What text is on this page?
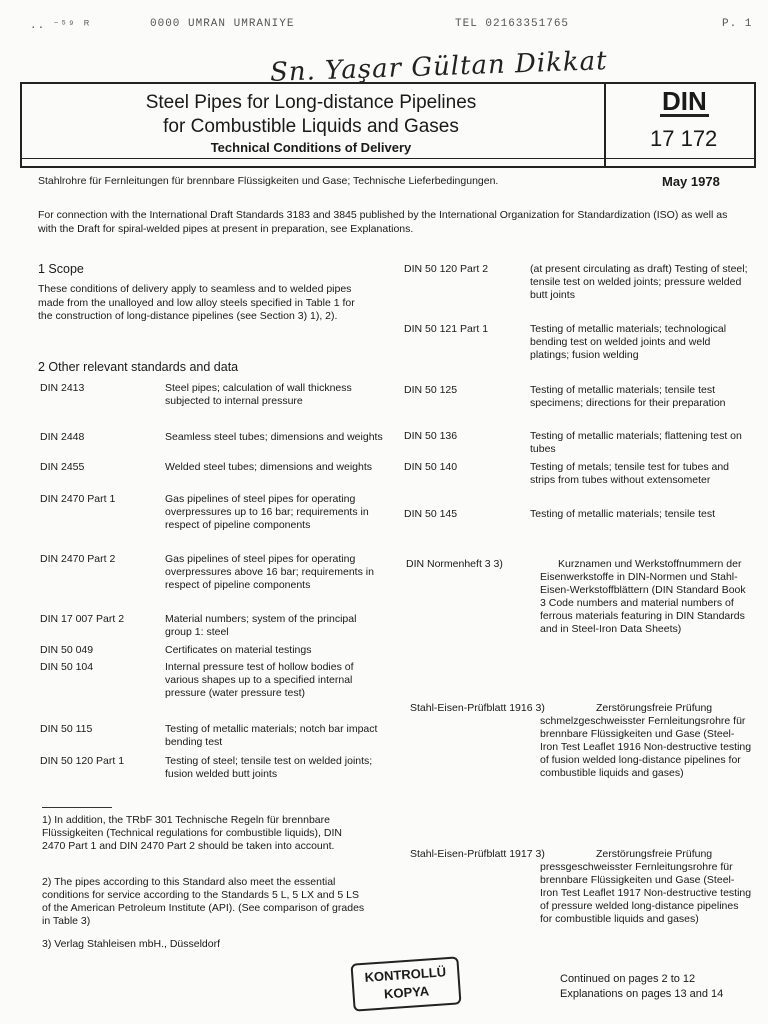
.. ⁻⁵⁹ ᴿ	0000 UMRAN UMRANIYE	TEL 02163351765	P. 1
Sn. Yaşar Gültan Dikkat
Steel Pipes for Long-distance Pipelines
for Combustible Liquids and Gases
Technical Conditions of Delivery
DIN
17 172
Stahlrohre für Fernleitungen für brennbare Flüssigkeiten und Gase; Technische Lieferbedingungen.	May 1978
For connection with the International Draft Standards 3183 and 3845 published by the International Organization for Standardization (ISO) as well as with the Draft for spiral-welded pipes at present in preparation, see Explanations.
1 Scope
These conditions of delivery apply to seamless and to welded pipes made from the unalloyed and low alloy steels specified in Table 1 for the construction of long-distance pipelines (see Section 3) 1), 2).
2 Other relevant standards and data
DIN 2413	Steel pipes; calculation of wall thickness subjected to internal pressure
DIN 2448	Seamless steel tubes; dimensions and weights
DIN 2455	Welded steel tubes; dimensions and weights
DIN 2470 Part 1	Gas pipelines of steel pipes for operating overpressures up to 16 bar; requirements in respect of pipeline components
DIN 2470 Part 2	Gas pipelines of steel pipes for operating overpressures above 16 bar; requirements in respect of pipeline components
DIN 17 007 Part 2	Material numbers; system of the principal group 1: steel
DIN 50 049	Certificates on material testings
DIN 50 104	Internal pressure test of hollow bodies of various shapes up to a specified internal pressure (water pressure test)
DIN 50 115	Testing of metallic materials; notch bar impact bending test
DIN 50 120 Part 1	Testing of steel; tensile test on welded joints; fusion welded butt joints
DIN 50 120 Part 2	(at present circulating as draft) Testing of steel; tensile test on welded joints; pressure welded butt joints
DIN 50 121 Part 1	Testing of metallic materials; technological bending test on welded joints and weld platings; fusion welding
DIN 50 125	Testing of metallic materials; tensile test specimens; directions for their preparation
DIN 50 136	Testing of metallic materials; flattening test on tubes
DIN 50 140	Testing of metals; tensile test for tubes and strips from tubes without extensometer
DIN 50 145	Testing of metallic materials; tensile test
DIN Normenheft 3 3)	Kurznamen und Werkstoffnummern der Eisenwerkstoffe in DIN-Normen und Stahl-Eisen-Werkstoffblättern (DIN Standard Book 3 Code numbers and material numbers of ferrous materials featuring in DIN Standards and in Steel-Iron Data Sheets)
Stahl-Eisen-Prüfblatt 1916 3)	Zerstörungsfreie Prüfung schmelzgeschweisster Fernleitungsrohre für brennbare Flüssigkeiten und Gase (Steel-Iron Test Leaflet 1916 Non-destructive testing of fusion welded long-distance pipelines for combustible liquids and gases)
Stahl-Eisen-Prüfblatt 1917 3)	Zerstörungsfreie Prüfung pressgeschweisster Fernleitungsrohre für brennbare Flüssigkeiten und Gase (Steel-Iron Test Leaflet 1917 Non-destructive testing of pressure welded long-distance pipelines for combustible liquids and gases)
1) In addition, the TRbF 301 Technische Regeln für brennbare Flüssigkeiten (Technical regulations for combustible liquids), DIN 2470 Part 1 and DIN 2470 Part 2 should be taken into account.
2) The pipes according to this Standard also meet the essential conditions for service according to the Standards 5 L, 5 LX and 5 LS of the American Petroleum Institute (API). (See comparison of grades in Table 3)
3) Verlag Stahleisen mbH., Düsseldorf
KONTROLLÜ
KOPYA
Continued on pages 2 to 12
Explanations on pages 13 and 14
